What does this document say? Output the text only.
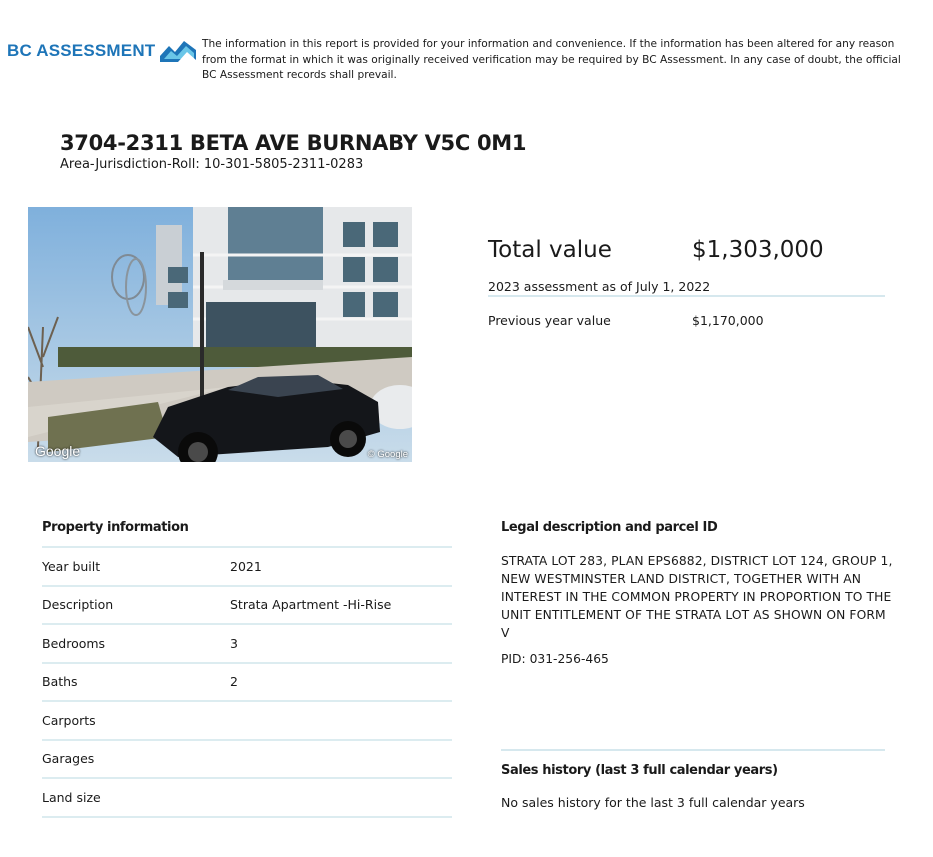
BC ASSESSMENT	The information in this report is provided for your information and convenience. If the information has been altered for any reason from the format in which it was originally received verification may be required by BC Assessment. In any case of doubt, the official BC Assessment records shall prevail.
3704-2311 BETA AVE BURNABY V5C 0M1
Area-Jurisdiction-Roll: 10-301-5805-2311-0283
Google	© Google
Total value	$1,303,000
2023 assessment as of July 1, 2022
Previous year value	$1,170,000
Property information
Year built	2021
Description	Strata Apartment -Hi-Rise
Bedrooms	3
Baths	2
Carports
Garages
Land size
Legal description and parcel ID
STRATA LOT 283, PLAN EPS6882, DISTRICT LOT 124, GROUP 1, NEW WESTMINSTER LAND DISTRICT, TOGETHER WITH AN INTEREST IN THE COMMON PROPERTY IN PROPORTION TO THE UNIT ENTITLEMENT OF THE STRATA LOT AS SHOWN ON FORM V
PID: 031-256-465
Sales history (last 3 full calendar years)
No sales history for the last 3 full calendar years
